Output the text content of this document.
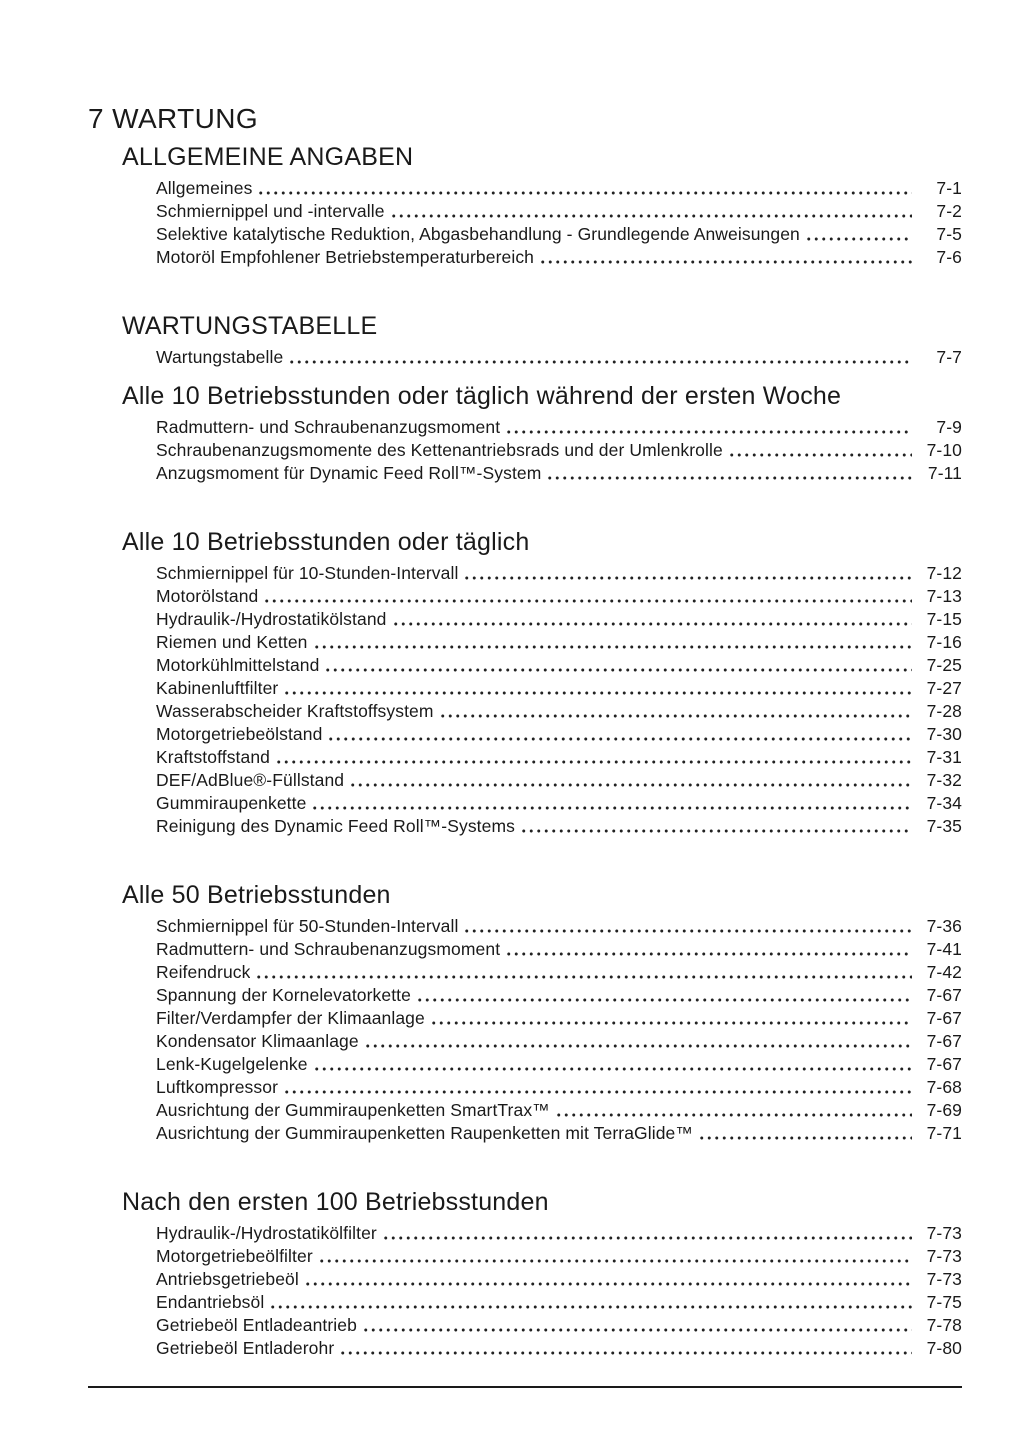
7 WARTUNG
ALLGEMEINE ANGABEN
Allgemeines	7-1
Schmiernippel und -intervalle	7-2
Selektive katalytische Reduktion, Abgasbehandlung - Grundlegende Anweisungen	7-5
Motoröl Empfohlener Betriebstemperaturbereich	7-6
WARTUNGSTABELLE
Wartungstabelle	7-7
Alle 10 Betriebsstunden oder täglich während der ersten Woche
Radmuttern- und Schraubenanzugsmoment	7-9
Schraubenanzugsmomente des Kettenantriebsrads und der Umlenkrolle	7-10
Anzugsmoment für Dynamic Feed Roll™-System	7-11
Alle 10 Betriebsstunden oder täglich
Schmiernippel für 10-Stunden-Intervall	7-12
Motorölstand	7-13
Hydraulik-/Hydrostatikölstand	7-15
Riemen und Ketten	7-16
Motorkühlmittelstand	7-25
Kabinenluftfilter	7-27
Wasserabscheider Kraftstoffsystem	7-28
Motorgetriebeölstand	7-30
Kraftstoffstand	7-31
DEF/AdBlue®-Füllstand	7-32
Gummiraupenkette	7-34
Reinigung des Dynamic Feed Roll™-Systems	7-35
Alle 50 Betriebsstunden
Schmiernippel für 50-Stunden-Intervall	7-36
Radmuttern- und Schraubenanzugsmoment	7-41
Reifendruck	7-42
Spannung der Kornelevatorkette	7-67
Filter/Verdampfer der Klimaanlage	7-67
Kondensator Klimaanlage	7-67
Lenk-Kugelgelenke	7-67
Luftkompressor	7-68
Ausrichtung der Gummiraupenketten SmartTrax™	7-69
Ausrichtung der Gummiraupenketten Raupenketten mit TerraGlide™	7-71
Nach den ersten 100 Betriebsstunden
Hydraulik-/Hydrostatikölfilter	7-73
Motorgetriebeölfilter	7-73
Antriebsgetriebeöl	7-73
Endantriebsöl	7-75
Getriebeöl Entladeantrieb	7-78
Getriebeöl Entladerohr	7-80
